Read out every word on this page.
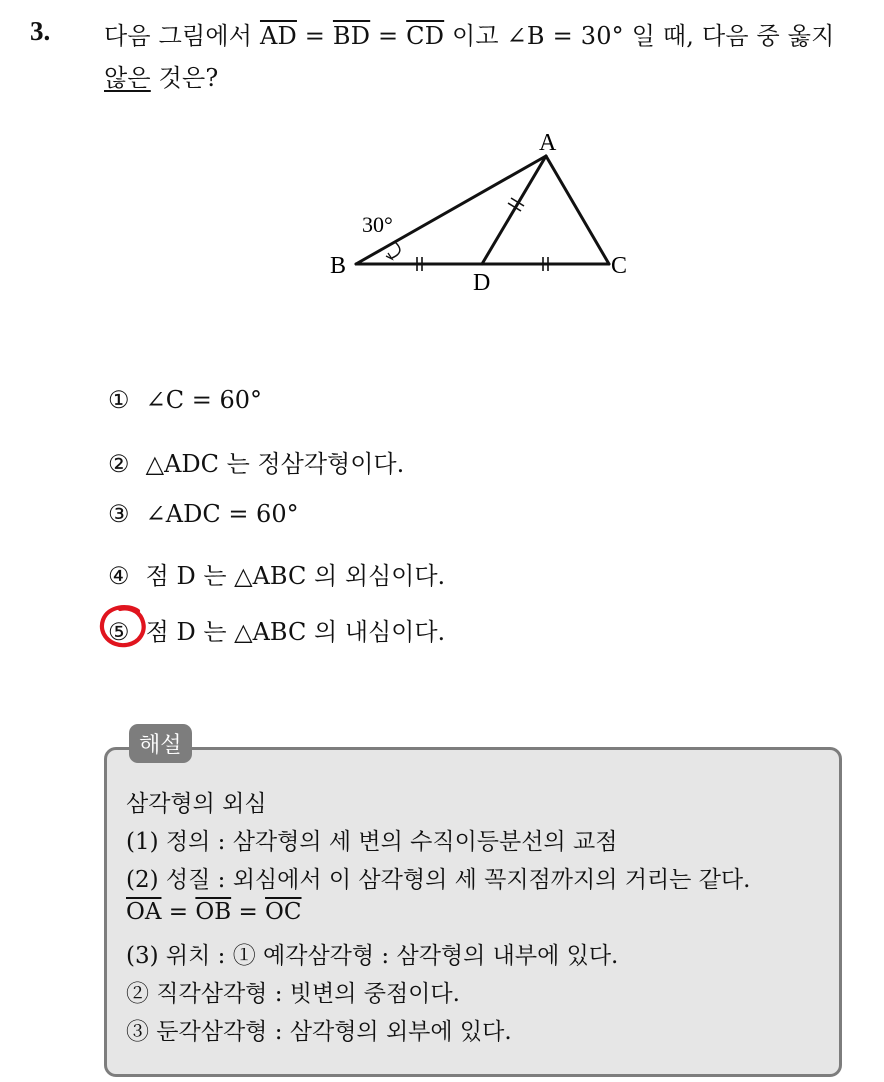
3. 다음 그림에서 $\overline{AD} = \overline{BD} = \overline{CD}$ 이고 ∠B = 30° 일 때, 다음 중 옳지
않은 것은?
A
B	C
D
30°
① ∠C = 60°
② △ADC 는 정삼각형이다.
③ ∠ADC = 60°
④ 점 D 는 △ABC 의 외심이다.
⑤ 점 D 는 △ABC 의 내심이다.
해설
삼각형의 외심
(1) 정의 : 삼각형의 세 변의 수직이등분선의 교점
(2) 성질 : 외심에서 이 삼각형의 세 꼭지점까지의 거리는 같다.
$\overline{OA} = \overline{OB} = \overline{OC}$
(3) 위치 : ① 예각삼각형 : 삼각형의 내부에 있다.
② 직각삼각형 : 빗변의 중점이다.
③ 둔각삼각형 : 삼각형의 외부에 있다.
